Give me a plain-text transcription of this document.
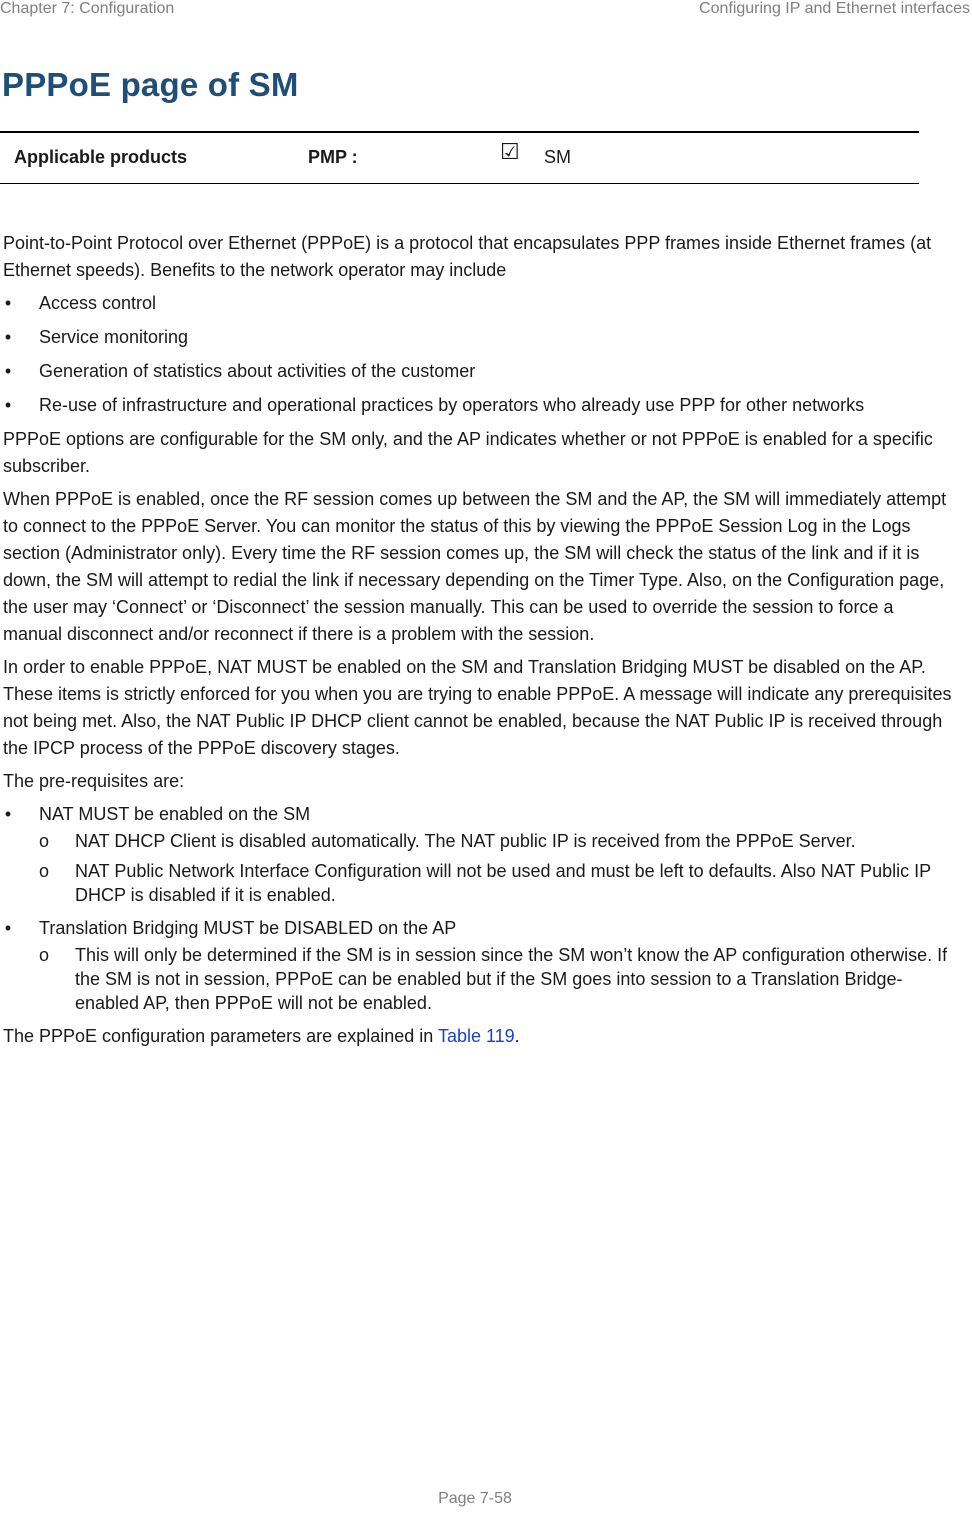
Chapter 7: Configuration	Configuring IP and Ethernet interfaces
PPPoE page of SM
Applicable products	PMP :	☑ SM

Point-to-Point Protocol over Ethernet (PPPoE) is a protocol that encapsulates PPP frames inside Ethernet frames (at Ethernet speeds). Benefits to the network operator may include

• Access control
• Service monitoring
• Generation of statistics about activities of the customer
• Re-use of infrastructure and operational practices by operators who already use PPP for other networks

PPPoE options are configurable for the SM only, and the AP indicates whether or not PPPoE is enabled for a specific subscriber.

When PPPoE is enabled, once the RF session comes up between the SM and the AP, the SM will immediately attempt to connect to the PPPoE Server. You can monitor the status of this by viewing the PPPoE Session Log in the Logs section (Administrator only). Every time the RF session comes up, the SM will check the status of the link and if it is down, the SM will attempt to redial the link if necessary depending on the Timer Type. Also, on the Configuration page, the user may ‘Connect’ or ‘Disconnect’ the session manually. This can be used to override the session to force a manual disconnect and/or reconnect if there is a problem with the session.

In order to enable PPPoE, NAT MUST be enabled on the SM and Translation Bridging MUST be disabled on the AP. These items is strictly enforced for you when you are trying to enable PPPoE. A message will indicate any prerequisites not being met. Also, the NAT Public IP DHCP client cannot be enabled, because the NAT Public IP is received through the IPCP process of the PPPoE discovery stages.

The pre-requisites are:

• NAT MUST be enabled on the SM
o NAT DHCP Client is disabled automatically. The NAT public IP is received from the PPPoE Server.
o NAT Public Network Interface Configuration will not be used and must be left to defaults. Also NAT Public IP DHCP is disabled if it is enabled.
• Translation Bridging MUST be DISABLED on the AP
o This will only be determined if the SM is in session since the SM won’t know the AP configuration otherwise. If the SM is not in session, PPPoE can be enabled but if the SM goes into session to a Translation Bridge-enabled AP, then PPPoE will not be enabled.

The PPPoE configuration parameters are explained in Table 119.

Page 7-58
